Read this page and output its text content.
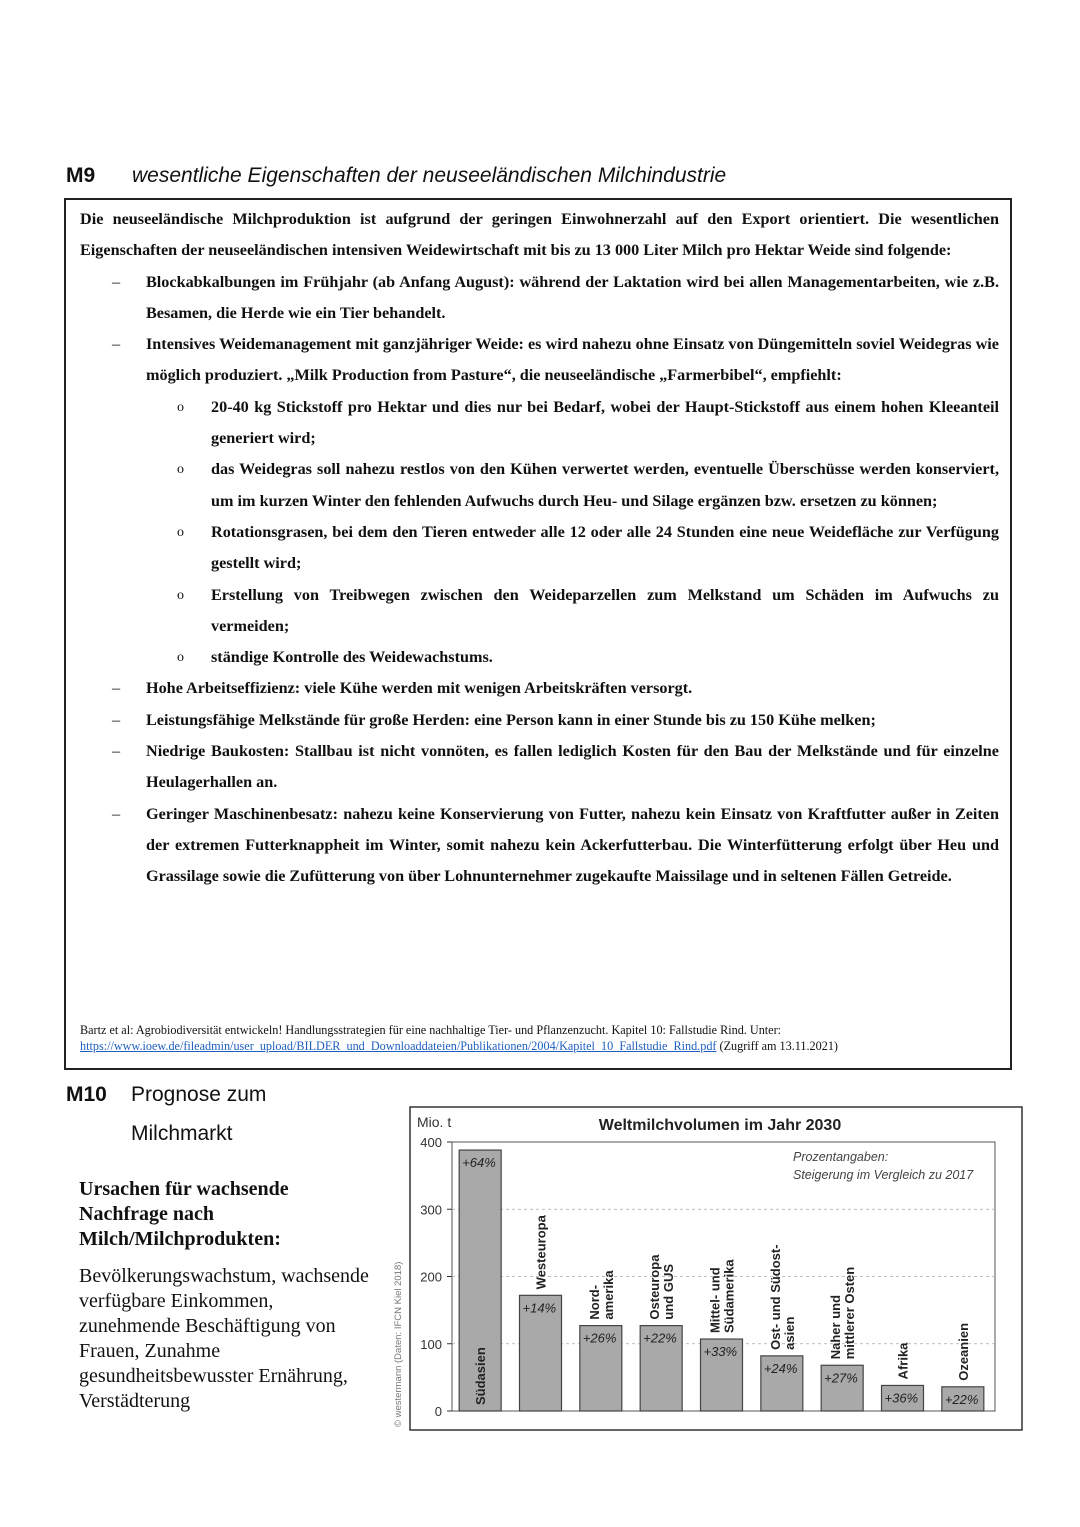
M9 wesentliche Eigenschaften der neuseeländischen Milchindustrie

Die neuseeländische Milchproduktion ist aufgrund der geringen Einwohnerzahl auf den Export orientiert. Die wesentlichen Eigenschaften der neuseeländischen intensiven Weidewirtschaft mit bis zu 13 000 Liter Milch pro Hektar Weide sind folgende:

– Blockabkalbungen im Frühjahr (ab Anfang August): während der Laktation wird bei allen Managementarbeiten, wie z.B. Besamen, die Herde wie ein Tier behandelt.
– Intensives Weidemanagement mit ganzjähriger Weide: es wird nahezu ohne Einsatz von Düngemitteln soviel Weidegras wie möglich produziert. „Milk Production from Pasture“, die neuseeländische „Farmerbibel“, empfiehlt:
o 20-40 kg Stickstoff pro Hektar und dies nur bei Bedarf, wobei der Haupt-Stickstoff aus einem hohen Kleeanteil generiert wird;
o das Weidegras soll nahezu restlos von den Kühen verwertet werden, eventuelle Überschüsse werden konserviert, um im kurzen Winter den fehlenden Aufwuchs durch Heu- und Silage ergänzen bzw. ersetzen zu können;
o Rotationsgrasen, bei dem den Tieren entweder alle 12 oder alle 24 Stunden eine neue Weidefläche zur Verfügung gestellt wird;
o Erstellung von Treibwegen zwischen den Weideparzellen zum Melkstand um Schäden im Aufwuchs zu vermeiden;
o ständige Kontrolle des Weidewachstums.
– Hohe Arbeitseffizienz: viele Kühe werden mit wenigen Arbeitskräften versorgt.
– Leistungsfähige Melkstände für große Herden: eine Person kann in einer Stunde bis zu 150 Kühe melken;
– Niedrige Baukosten: Stallbau ist nicht vonnöten, es fallen lediglich Kosten für den Bau der Melkstände und für einzelne Heulagerhallen an.
– Geringer Maschinenbesatz: nahezu keine Konservierung von Futter, nahezu kein Einsatz von Kraftfutter außer in Zeiten der extremen Futterknappheit im Winter, somit nahezu kein Ackerfutterbau. Die Winterfütterung erfolgt über Heu und Grassilage sowie die Zufütterung von über Lohnunternehmer zugekaufte Maissilage und in seltenen Fällen Getreide.
Bartz et al: Agrobiodiversität entwickeln! Handlungsstrategien für eine nachhaltige Tier- und Pflanzenzucht. Kapitel 10: Fallstudie Rind. Unter:
https://www.ioew.de/fileadmin/user_upload/BILDER_und_Downloaddateien/Publikationen/2004/Kapitel_10_Fallstudie_Rind.pdf (Zugriff am 13.11.2021)
M10 Prognose zum
Milchmarkt
Ursachen für wachsende Nachfrage nach Milch/Milchprodukten:
Bevölkerungswachstum, wachsende verfügbare Einkommen, zunehmende Beschäftigung von Frauen, Zunahme gesundheitsbewusster Ernährung, Verstädterung	0
100
200
300
400
Mio. t	Weltmilchvolumen im Jahr 2030
Prozentangaben:
Steigerung im Vergleich zu 2017
© westermann (Daten: IFCN Kiel 2018)
+64%
Südasien
+14%
Westeuropa
+26%
Nord- amerika
+22%
Osteuropa und GUS
+33%
Mittel- und Südamerika
+24%
Ost- und Südost- asien
+27%
Naher und mittlerer Osten
+36%
Afrika
+22%
Ozeanien
